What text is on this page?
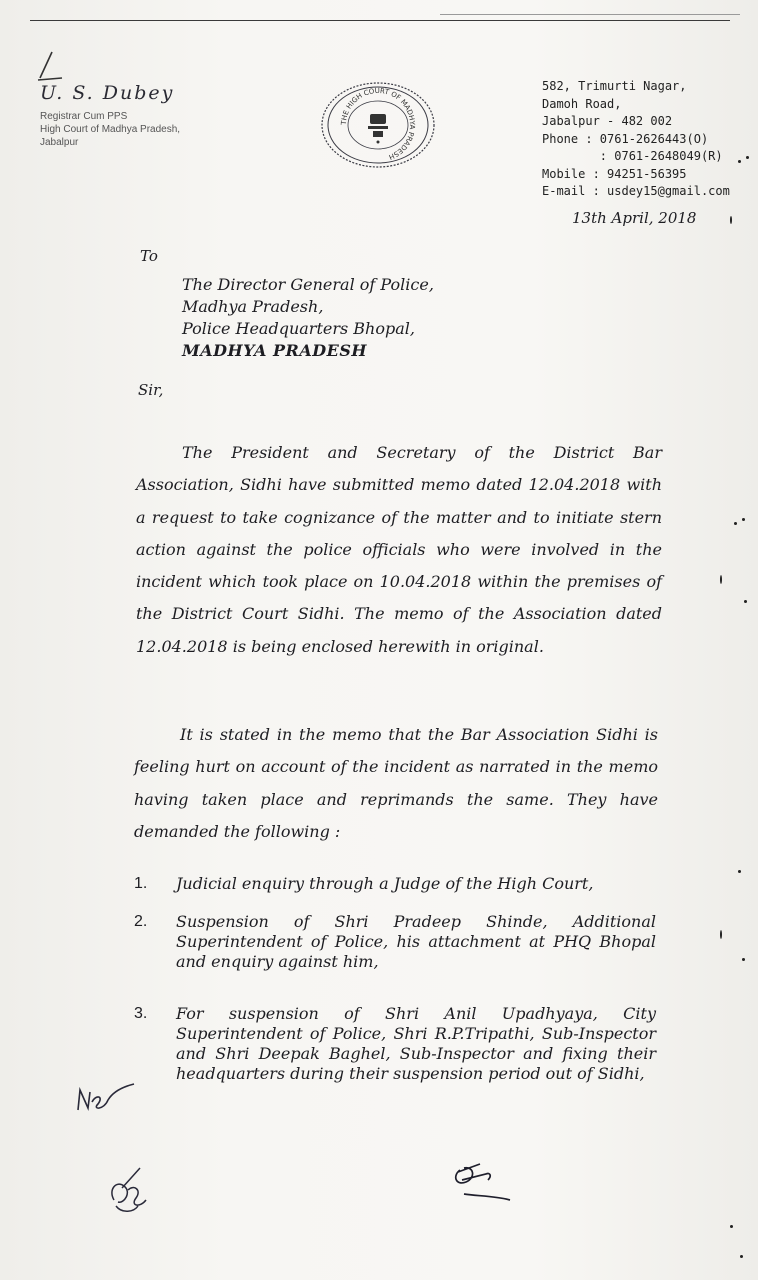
U. S. Dubey
Registrar Cum PPS
High Court of Madhya Pradesh,
Jabalpur
THE HIGH COURT OF MADHYA PRADESH
582, Trimurti Nagar,
Damoh Road,
Jabalpur - 482 002
Phone : 0761-2626443(O)
: 0761-2648049(R)
Mobile : 94251-56395
E-mail : usdey15@gmail.com
13th April, 2018
To
The Director General of Police,
Madhya Pradesh,
Police Headquarters Bhopal,
MADHYA PRADESH
Sir,
The President and Secretary of the District Bar Association, Sidhi have submitted memo dated 12.04.2018 with a request to take cognizance of the matter and to initiate stern action against the police officials who were involved in the incident which took place on 10.04.2018 within the premises of the District Court Sidhi. The memo of the Association dated 12.04.2018 is being enclosed herewith in original.
It is stated in the memo that the Bar Association Sidhi is feeling hurt on account of the incident as narrated in the memo having taken place and reprimands the same. They have demanded the following :
1. Judicial enquiry through a Judge of the High Court,
2. Suspension of Shri Pradeep Shinde, Additional Superintendent of Police, his attachment at PHQ Bhopal and enquiry against him,
3. For suspension of Shri Anil Upadhyaya, City Superintendent of Police, Shri R.P.Tripathi, Sub-Inspector and Shri Deepak Baghel, Sub-Inspector and fixing their headquarters during their suspension period out of Sidhi,
